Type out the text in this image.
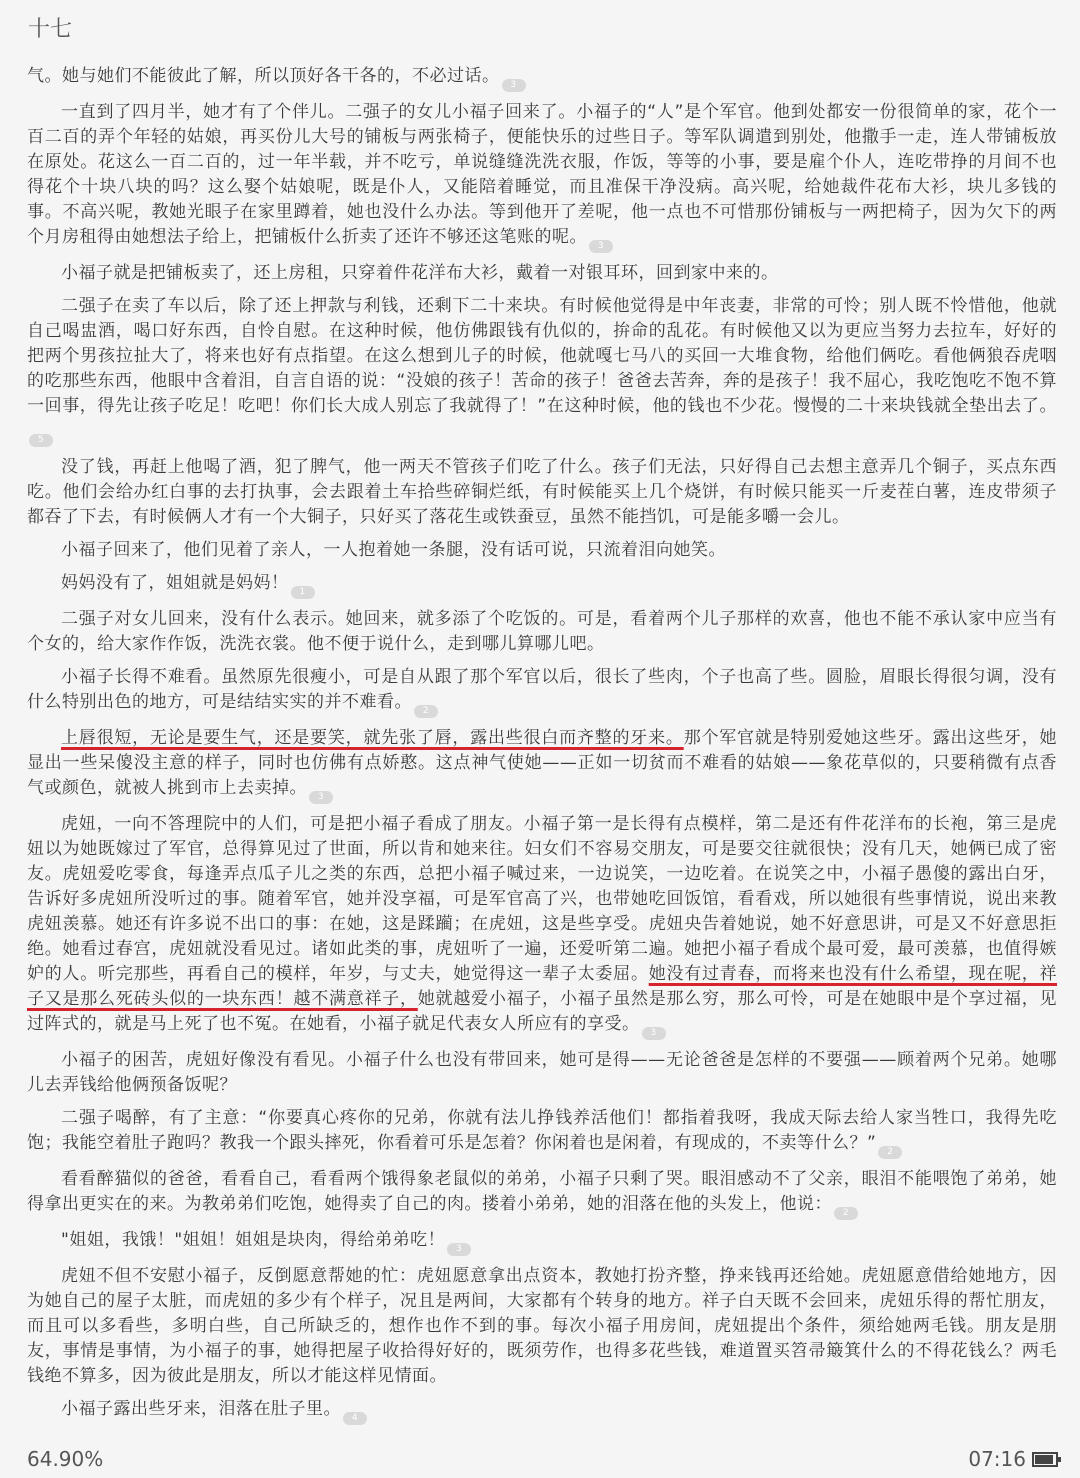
十七

气。她与她们不能彼此了解，所以顶好各干各的，不必过话。 3

一直到了四月半，她才有了个伴儿。二强子的女儿小福子回来了。小福子的“人”是个军官。他到处都安一份很简单的家，花个一百二百的弄个年轻的姑娘，再买份儿大号的铺板与两张椅子，便能快乐的过些日子。等军队调遣到别处，他撒手一走，连人带铺板放在原处。花这么一百二百的，过一年半载，并不吃亏，单说缝缝洗洗衣服，作饭，等等的小事，要是雇个仆人，连吃带挣的月间不也得花个十块八块的吗？这么娶个姑娘呢，既是仆人，又能陪着睡觉，而且准保干净没病。高兴呢，给她裁件花布大衫，块儿多钱的事。不高兴呢，教她光眼子在家里蹲着，她也没什么办法。等到他开了差呢，他一点也不可惜那份铺板与一两把椅子，因为欠下的两个月房租得由她想法子给上，把铺板什么折卖了还许不够还这笔账的呢。 3

小福子就是把铺板卖了，还上房租，只穿着件花洋布大衫，戴着一对银耳环，回到家中来的。

二强子在卖了车以后，除了还上押款与利钱，还剩下二十来块。有时候他觉得是中年丧妻，非常的可怜；别人既不怜惜他，他就自己喝盅酒，喝口好东西，自怜自慰。在这种时候，他仿佛跟钱有仇似的，拚命的乱花。有时候他又以为更应当努力去拉车，好好的把两个男孩拉扯大了，将来也好有点指望。在这么想到儿子的时候，他就嘎七马八的买回一大堆食物，给他们俩吃。看他俩狼吞虎咽的吃那些东西，他眼中含着泪，自言自语的说：“没娘的孩子！苦命的孩子！爸爸去苦奔，奔的是孩子！我不屈心，我吃饱吃不饱不算一回事，得先让孩子吃足！吃吧！你们长大成人别忘了我就得了！”在这种时候，他的钱也不少花。慢慢的二十来块钱就全垫出去了。5

没了钱，再赶上他喝了酒，犯了脾气，他一两天不管孩子们吃了什么。孩子们无法，只好得自己去想主意弄几个铜子，买点东西吃。他们会给办红白事的去打执事，会去跟着土车拾些碎铜烂纸，有时候能买上几个烧饼，有时候只能买一斤麦茬白薯，连皮带须子都吞了下去，有时候俩人才有一个大铜子，只好买了落花生或铁蚕豆，虽然不能挡饥，可是能多嚼一会儿。

小福子回来了，他们见着了亲人，一人抱着她一条腿，没有话可说，只流着泪向她笑。

妈妈没有了，姐姐就是妈妈！ 1

二强子对女儿回来，没有什么表示。她回来，就多添了个吃饭的。可是，看着两个儿子那样的欢喜，他也不能不承认家中应当有个女的，给大家作作饭，洗洗衣裳。他不便于说什么，走到哪儿算哪儿吧。

小福子长得不难看。虽然原先很瘦小，可是自从跟了那个军官以后，很长了些肉，个子也高了些。圆脸，眉眼长得很匀调，没有什么特别出色的地方，可是结结实实的并不难看。 2

上唇很短，无论是要生气，还是要笑，就先张了唇，露出些很白而齐整的牙来。那个军官就是特别爱她这些牙。露出这些牙，她显出一些呆傻没主意的样子，同时也仿佛有点娇憨。这点神气使她——正如一切贫而不难看的姑娘——象花草似的，只要稍微有点香气或颜色，就被人挑到市上去卖掉。 3

虎妞，一向不答理院中的人们，可是把小福子看成了朋友。小福子第一是长得有点模样，第二是还有件花洋布的长袍，第三是虎妞以为她既嫁过了军官，总得算见过了世面，所以肯和她来往。妇女们不容易交朋友，可是要交往就很快；没有几天，她俩已成了密友。虎妞爱吃零食，每逢弄点瓜子儿之类的东西，总把小福子喊过来，一边说笑，一边吃着。在说笑之中，小福子愚傻的露出白牙，告诉好多虎妞所没听过的事。随着军官，她并没享福，可是军官高了兴，也带她吃回饭馆，看看戏，所以她很有些事情说，说出来教虎妞羡慕。她还有许多说不出口的事：在她，这是蹂躏；在虎妞，这是些享受。虎妞央告着她说，她不好意思讲，可是又不好意思拒绝。她看过春宫，虎妞就没看见过。诸如此类的事，虎妞听了一遍，还爱听第二遍。她把小福子看成个最可爱，最可羡慕，也值得嫉妒的人。听完那些，再看自己的模样，年岁，与丈夫，她觉得这一辈子太委屈。她没有过青春，而将来也没有什么希望，现在呢，祥子又是那么死砖头似的一块东西！越不满意祥子，她就越爱小福子，小福子虽然是那么穷，那么可怜，可是在她眼中是个享过福，见过阵式的，就是马上死了也不冤。在她看，小福子就足代表女人所应有的享受。 3

小福子的困苦，虎妞好像没有看见。小福子什么也没有带回来，她可是得——无论爸爸是怎样的不要强——顾着两个兄弟。她哪儿去弄钱给他俩预备饭呢？

二强子喝醉，有了主意：“你要真心疼你的兄弟，你就有法儿挣钱养活他们！都指着我呀，我成天际去给人家当牲口，我得先吃饱；我能空着肚子跑吗？教我一个跟头摔死，你看着可乐是怎着？你闲着也是闲着，有现成的，不卖等什么？” 2

看看醉猫似的爸爸，看看自己，看看两个饿得象老鼠似的弟弟，小福子只剩了哭。眼泪感动不了父亲，眼泪不能喂饱了弟弟，她得拿出更实在的来。为教弟弟们吃饱，她得卖了自己的肉。搂着小弟弟，她的泪落在他的头发上，他说： 2

"姐姐，我饿！"姐姐！姐姐是块肉，得给弟弟吃！ 3

虎妞不但不安慰小福子，反倒愿意帮她的忙：虎妞愿意拿出点资本，教她打扮齐整，挣来钱再还给她。虎妞愿意借给她地方，因为她自己的屋子太脏，而虎妞的多少有个样子，况且是两间，大家都有个转身的地方。祥子白天既不会回来，虎妞乐得的帮忙朋友，而且可以多看些，多明白些，自己所缺乏的，想作也作不到的事。每次小福子用房间，虎妞提出个条件，须给她两毛钱。朋友是朋友，事情是事情，为小福子的事，她得把屋子收拾得好好的，既须劳作，也得多花些钱，难道置买笤帚簸箕什么的不得花钱么？两毛钱绝不算多，因为彼此是朋友，所以才能这样见情面。

小福子露出些牙来，泪落在肚子里。 4

64.90%	07:16
